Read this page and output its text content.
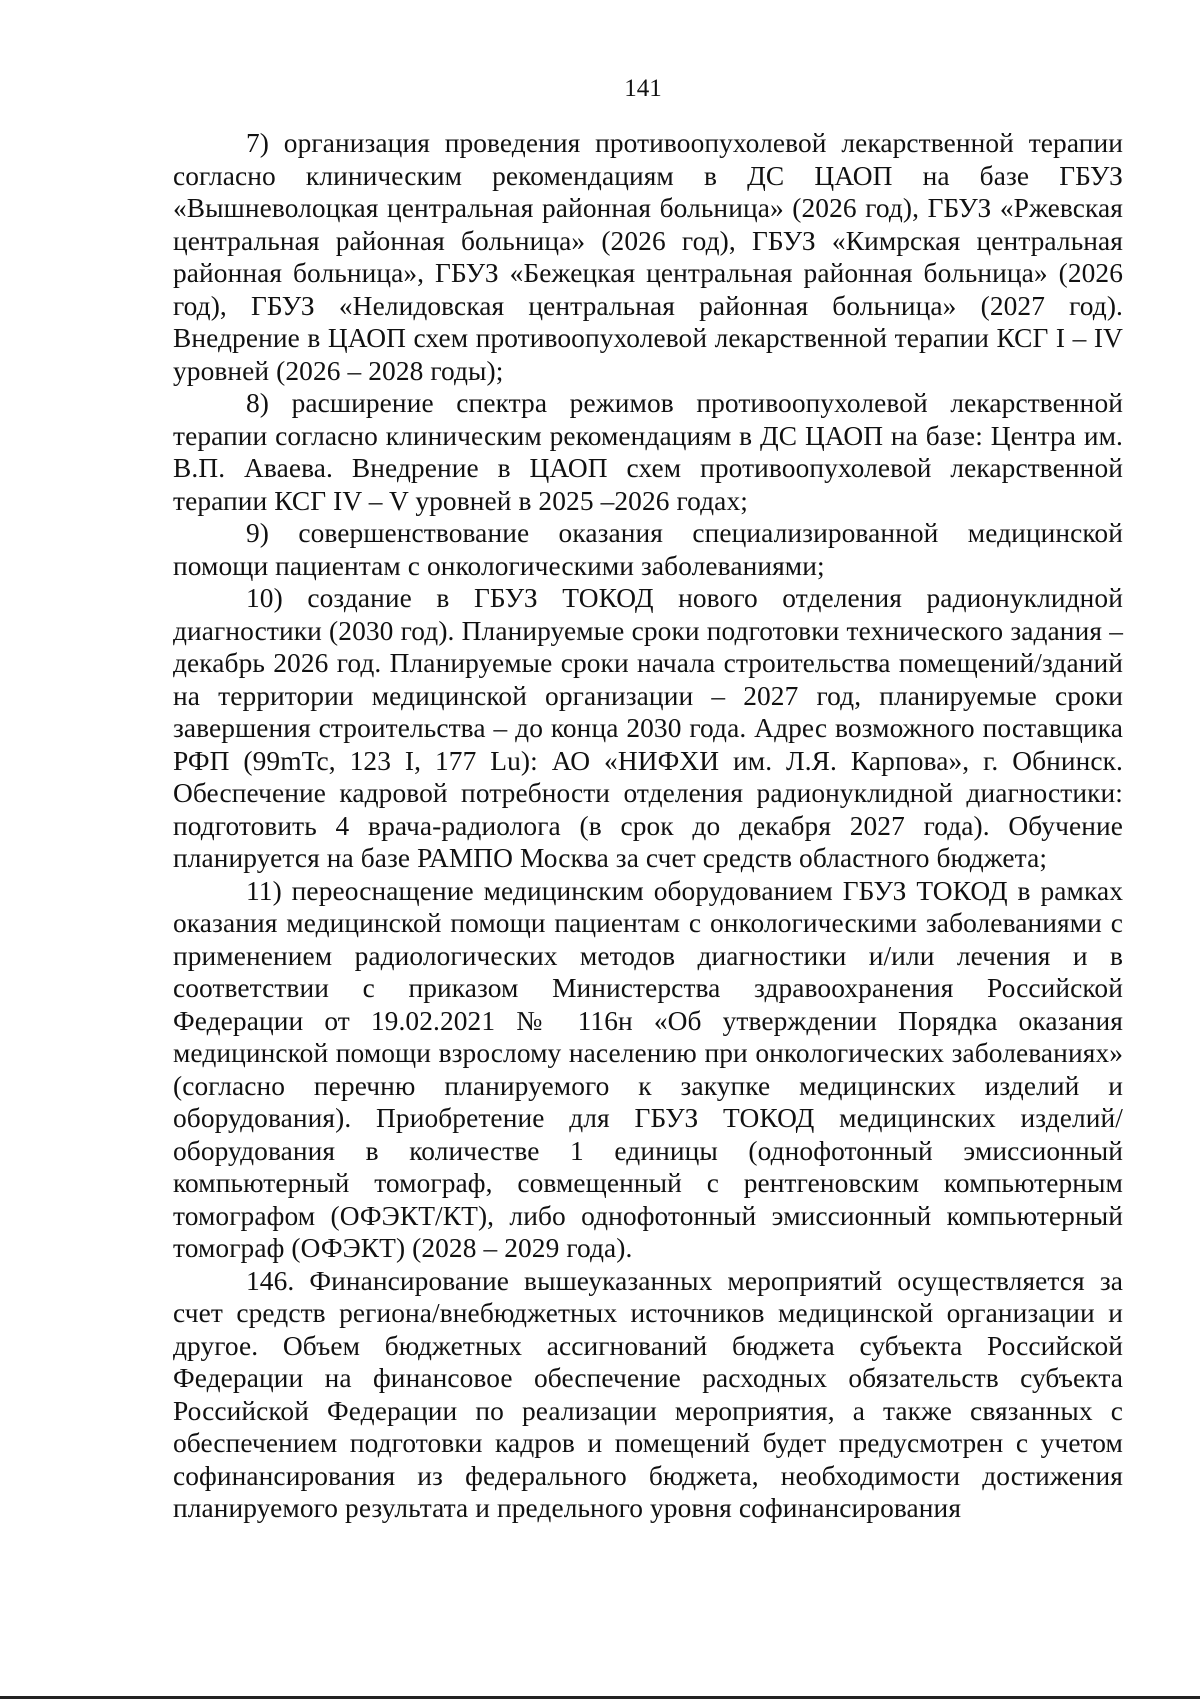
141

7) организация проведения противоопухолевой лекарственной терапии согласно клиническим рекомендациям в ДС ЦАОП на базе ГБУЗ «Вышневолоцкая центральная районная больница» (2026 год), ГБУЗ «Ржевская центральная районная больница» (2026 год), ГБУЗ «Кимрская центральная районная больница», ГБУЗ «Бежецкая центральная районная больница» (2026 год), ГБУЗ «Нелидовская центральная районная больница» (2027 год). Внедрение в ЦАОП схем противоопухолевой лекарственной терапии КСГ I – IV уровней (2026 – 2028 годы);

8) расширение спектра режимов противоопухолевой лекарственной терапии согласно клиническим рекомендациям в ДС ЦАОП на базе: Центра им. В.П. Аваева. Внедрение в ЦАОП схем противоопухолевой лекарственной терапии КСГ IV – V уровней в 2025 –2026 годах;

9) совершенствование оказания специализированной медицинской помощи пациентам с онкологическими заболеваниями;

10) создание в ГБУЗ ТОКОД нового отделения радионуклидной диагностики (2030 год). Планируемые сроки подготовки технического задания – декабрь 2026 год. Планируемые сроки начала строительства помещений/зданий на территории медицинской организации – 2027 год, планируемые сроки завершения строительства – до конца 2030 года. Адрес возможного поставщика РФП (99mTc, 123 I, 177 Lu): АО «НИФХИ им. Л.Я. Карпова», г. Обнинск. Обеспечение кадровой потребности отделения радионуклидной диагностики: подготовить 4 врача-радиолога (в срок до декабря 2027 года). Обучение планируется на базе РАМПО Москва за счет средств областного бюджета;

11) переоснащение медицинским оборудованием ГБУЗ ТОКОД в рамках оказания медицинской помощи пациентам с онкологическими заболеваниями с применением радиологических методов диагностики и/или лечения и в соответствии с приказом Министерства здравоохранения Российской Федерации от 19.02.2021 № 116н «Об утверждении Порядка оказания медицинской помощи взрослому населению при онкологических заболеваниях» (согласно перечню планируемого к закупке медицинских изделий и оборудования). Приобретение для ГБУЗ ТОКОД медицинских изделий/оборудования в количестве 1 единицы (однофотонный эмиссионный компьютерный томограф, совмещенный с рентгеновским компьютерным томографом (ОФЭКТ/КТ), либо однофотонный эмиссионный компьютерный томограф (ОФЭКТ) (2028 – 2029 года).

146. Финансирование вышеуказанных мероприятий осуществляется за счет средств региона/внебюджетных источников медицинской организации и другое. Объем бюджетных ассигнований бюджета субъекта Российской Федерации на финансовое обеспечение расходных обязательств субъекта Российской Федерации по реализации мероприятия, а также связанных с обеспечением подготовки кадров и помещений будет предусмотрен с учетом софинансирования из федерального бюджета, необходимости достижения планируемого результата и предельного уровня софинансирования
